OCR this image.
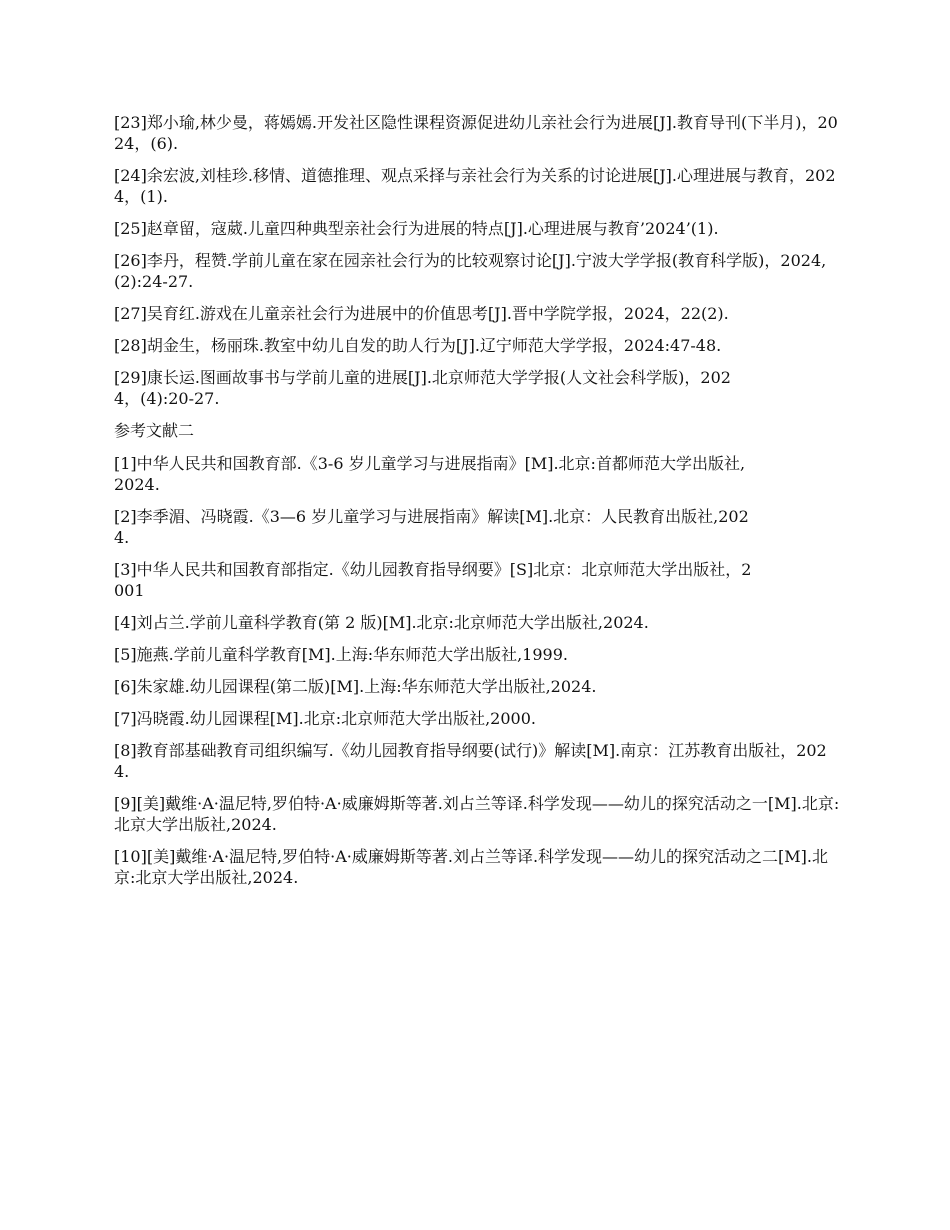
[23]郑小瑜,林少曼，蒋嫣嫣.开发社区隐性课程资源促进幼儿亲社会行为进展[J].教育导刊(下半月)，2024，(6).

[24]余宏波,刘桂珍.移情、道德推理、观点采择与亲社会行为关系的讨论进展[J].心理进展与教育，2024，(1).

[25]赵章留，寇葳.儿童四种典型亲社会行为进展的特点[J].心理进展与教育’2024’(1).

[26]李丹，程赞.学前儿童在家在园亲社会行为的比较观察讨论[J].宁波大学学报(教育科学版)，2024,(2):24-27.

[27]吴育红.游戏在儿童亲社会行为进展中的价值思考[J].晋中学院学报，2024，22(2).

[28]胡金生，杨丽珠.教室中幼儿自发的助人行为[J].辽宁师范大学学报，2024:47-48.

[29]康长运.图画故事书与学前儿童的进展[J].北京师范大学学报(人文社会科学版)，2024，(4):20-27.

参考文献二

[1]中华人民共和国教育部.《3-6 岁儿童学习与进展指南》[M].北京:首都师范大学出版社,2024.

[2]李季湄、冯晓霞.《3—6 岁儿童学习与进展指南》解读[M].北京：人民教育出版社,2024.

[3]中华人民共和国教育部指定.《幼儿园教育指导纲要》[S]北京：北京师范大学出版社，2001

[4]刘占兰.学前儿童科学教育(第 2 版)[M].北京:北京师范大学出版社,2024.

[5]施燕.学前儿童科学教育[M].上海:华东师范大学出版社,1999.

[6]朱家雄.幼儿园课程(第二版)[M].上海:华东师范大学出版社,2024.

[7]冯晓霞.幼儿园课程[M].北京:北京师范大学出版社,2000.

[8]教育部基础教育司组织编写.《幼儿园教育指导纲要(试行)》解读[M].南京：江苏教育出版社，2024.

[9][美]戴维·A·温尼特,罗伯特·A·威廉姆斯等著.刘占兰等译.科学发现——幼儿的探究活动之一[M].北京:北京大学出版社,2024.

[10][美]戴维·A·温尼特,罗伯特·A·威廉姆斯等著.刘占兰等译.科学发现——幼儿的探究活动之二[M].北京:北京大学出版社,2024.
